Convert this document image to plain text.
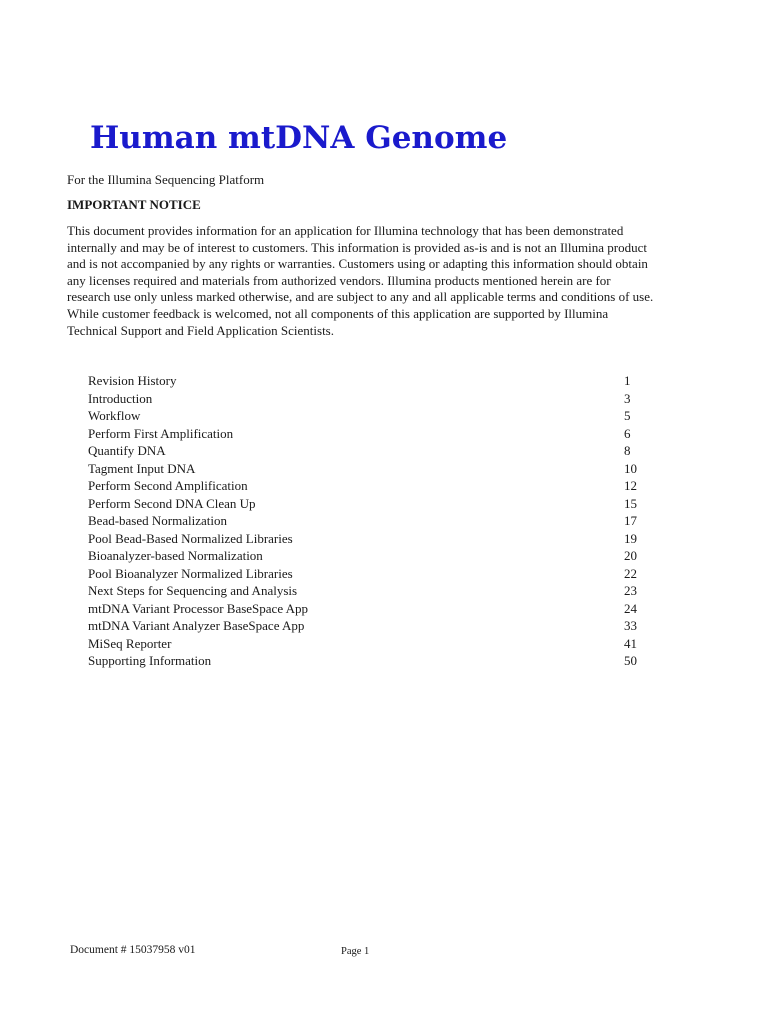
Human mtDNA Genome

For the Illumina Sequencing Platform

IMPORTANT NOTICE

This document provides information for an application for Illumina technology that has been demonstrated internally and may be of interest to customers. This information is provided as-is and is not an Illumina product and is not accompanied by any rights or warranties. Customers using or adapting this information should obtain any licenses required and materials from authorized vendors. Illumina products mentioned herein are for research use only unless marked otherwise, and are subject to any and all applicable terms and conditions of use. While customer feedback is welcomed, not all components of this application are supported by Illumina Technical Support and Field Application Scientists.

Revision History	1
Introduction	3
Workflow	5
Perform First Amplification	6
Quantify DNA	8
Tagment Input DNA	10
Perform Second Amplification	12
Perform Second DNA Clean Up	15
Bead-based Normalization	17
Pool Bead-Based Normalized Libraries	19
Bioanalyzer-based Normalization	20
Pool Bioanalyzer Normalized Libraries	22
Next Steps for Sequencing and Analysis	23
mtDNA Variant Processor BaseSpace App	24
mtDNA Variant Analyzer BaseSpace App	33
MiSeq Reporter	41
Supporting Information	50
Document # 15037958 v01	Page 1
